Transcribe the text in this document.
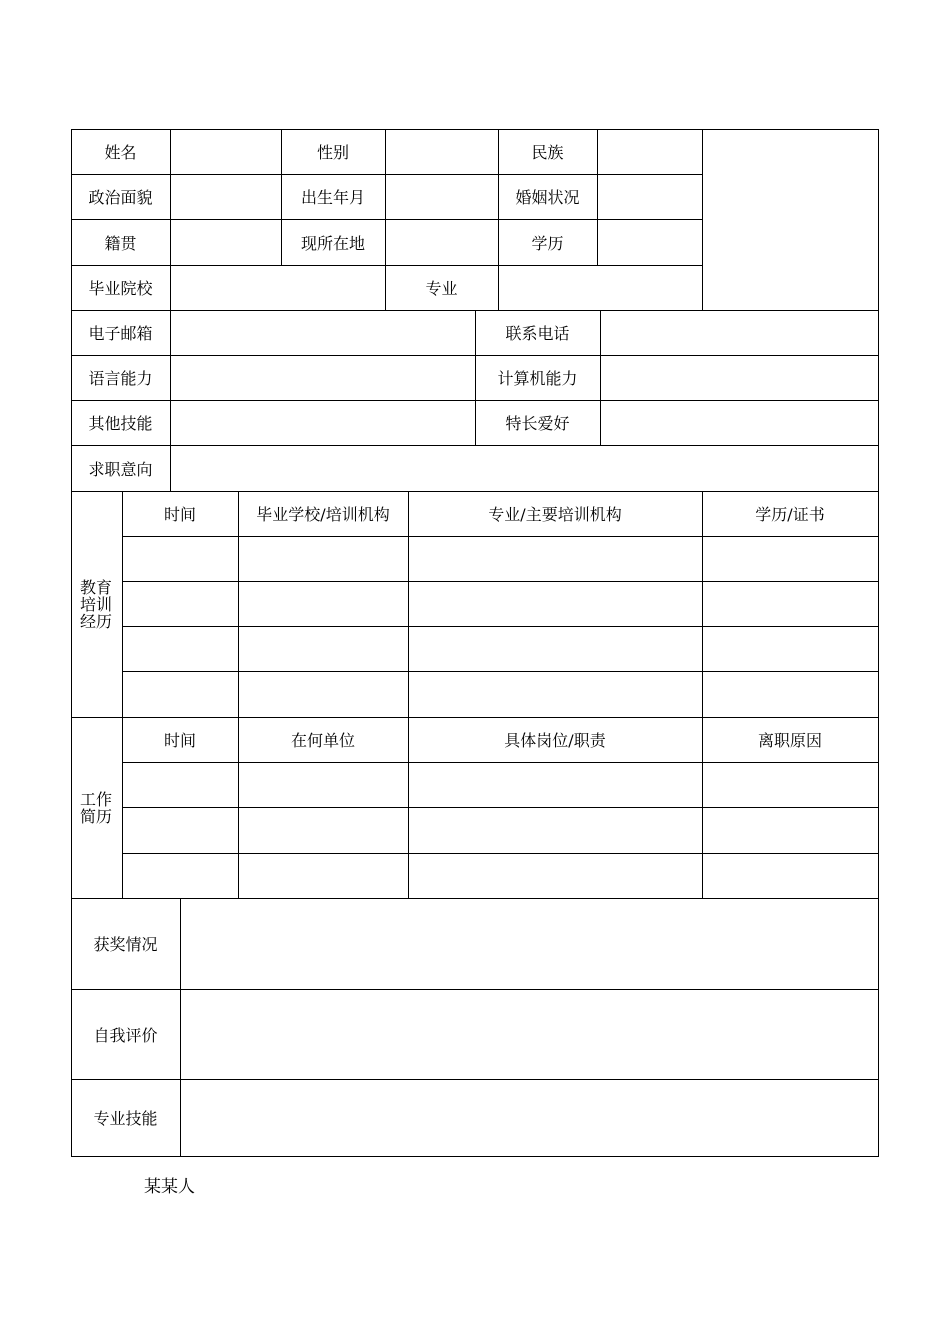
姓名	性别	民族
政治面貌	出生年月	婚姻状况
籍贯	现所在地	学历
毕业院校	专业
电子邮箱	联系电话
语言能力	计算机能力
其他技能	特长爱好
求职意向
教育培训经历
时间	毕业学校/培训机构	专业/主要培训机构	学历/证书
工作简历
时间	在何单位	具体岗位/职责	离职原因
获奖情况
自我评价
专业技能
某某人
